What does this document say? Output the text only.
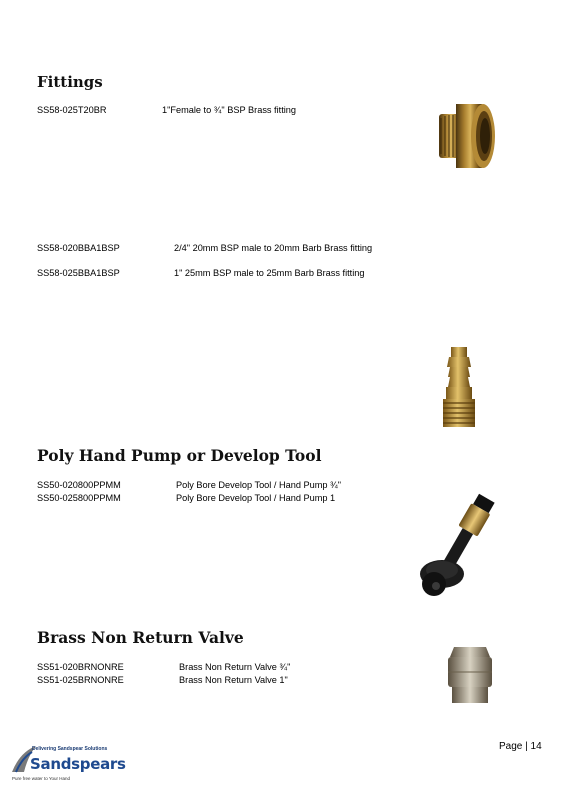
Fittings
SS58-025T20BR	1"Female to ¾" BSP Brass fitting
SS58-020BBA1BSP	2/4" 20mm BSP male to 20mm Barb Brass fitting
SS58-025BBA1BSP	1" 25mm BSP male to 25mm Barb Brass fitting
Poly Hand Pump or Develop Tool
SS50-020800PPMM	Poly Bore Develop Tool / Hand Pump ¾"
SS50-025800PPMM	Poly Bore Develop Tool / Hand Pump 1
Brass Non Return Valve
SS51-020BRNONRE	Brass Non Return Valve ¾"
SS51-025BRNONRE	Brass Non Return Valve 1"
Page | 14
Delivering Sandspear Solutions
Sandspears
Pure free water to Your Hand
